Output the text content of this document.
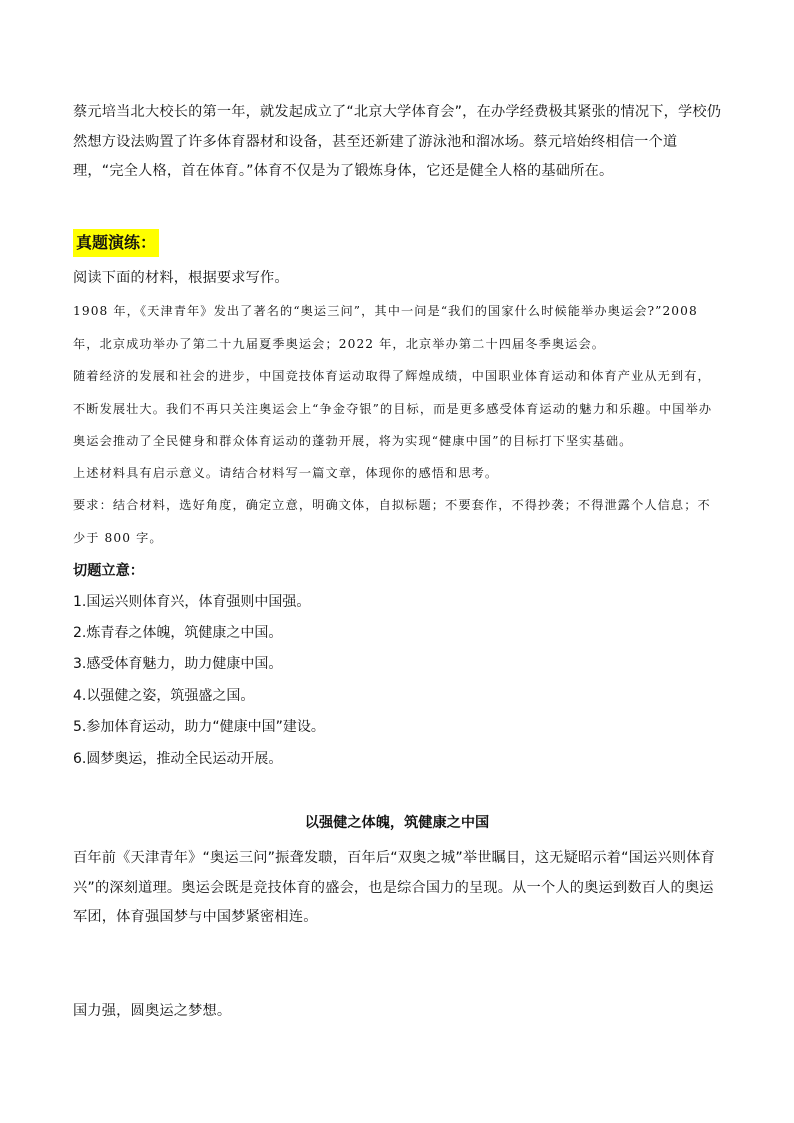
蔡元培当北大校长的第一年，就发起成立了“北京大学体育会”，在办学经费极其紧张的情况下，学校仍然想方设法购置了许多体育器材和设备，甚至还新建了游泳池和溜冰场。蔡元培始终相信一个道理，“完全人格，首在体育。”体育不仅是为了锻炼身体，它还是健全人格的基础所在。

真题演练：

阅读下面的材料，根据要求写作。

1908 年，《天津青年》发出了著名的“奥运三问”，其中一问是“我们的国家什么时候能举办奥运会?”2008 年，北京成功举办了第二十九届夏季奥运会；2022 年，北京举办第二十四届冬季奥运会。

随着经济的发展和社会的进步，中国竞技体育运动取得了辉煌成绩，中国职业体育运动和体育产业从无到有，不断发展壮大。我们不再只关注奥运会上“争金夺银”的目标，而是更多感受体育运动的魅力和乐趣。中国举办奥运会推动了全民健身和群众体育运动的蓬勃开展，将为实现“健康中国”的目标打下坚实基础。

上述材料具有启示意义。请结合材料写一篇文章，体现你的感悟和思考。

要求：结合材料，选好角度，确定立意，明确文体，自拟标题；不要套作，不得抄袭；不得泄露个人信息；不少于 800 字。

切题立意：

1.国运兴则体育兴，体育强则中国强。

2.炼青春之体魄，筑健康之中国。

3.感受体育魅力，助力健康中国。

4.以强健之姿，筑强盛之国。

5.参加体育运动，助力“健康中国”建设。

6.圆梦奥运，推动全民运动开展。

以强健之体魄，筑健康之中国

百年前《天津青年》“奥运三问”振聋发聩，百年后“双奥之城”举世瞩目，这无疑昭示着“国运兴则体育兴”的深刻道理。奥运会既是竞技体育的盛会，也是综合国力的呈现。从一个人的奥运到数百人的奥运军团，体育强国梦与中国梦紧密相连。

国力强，圆奥运之梦想。
